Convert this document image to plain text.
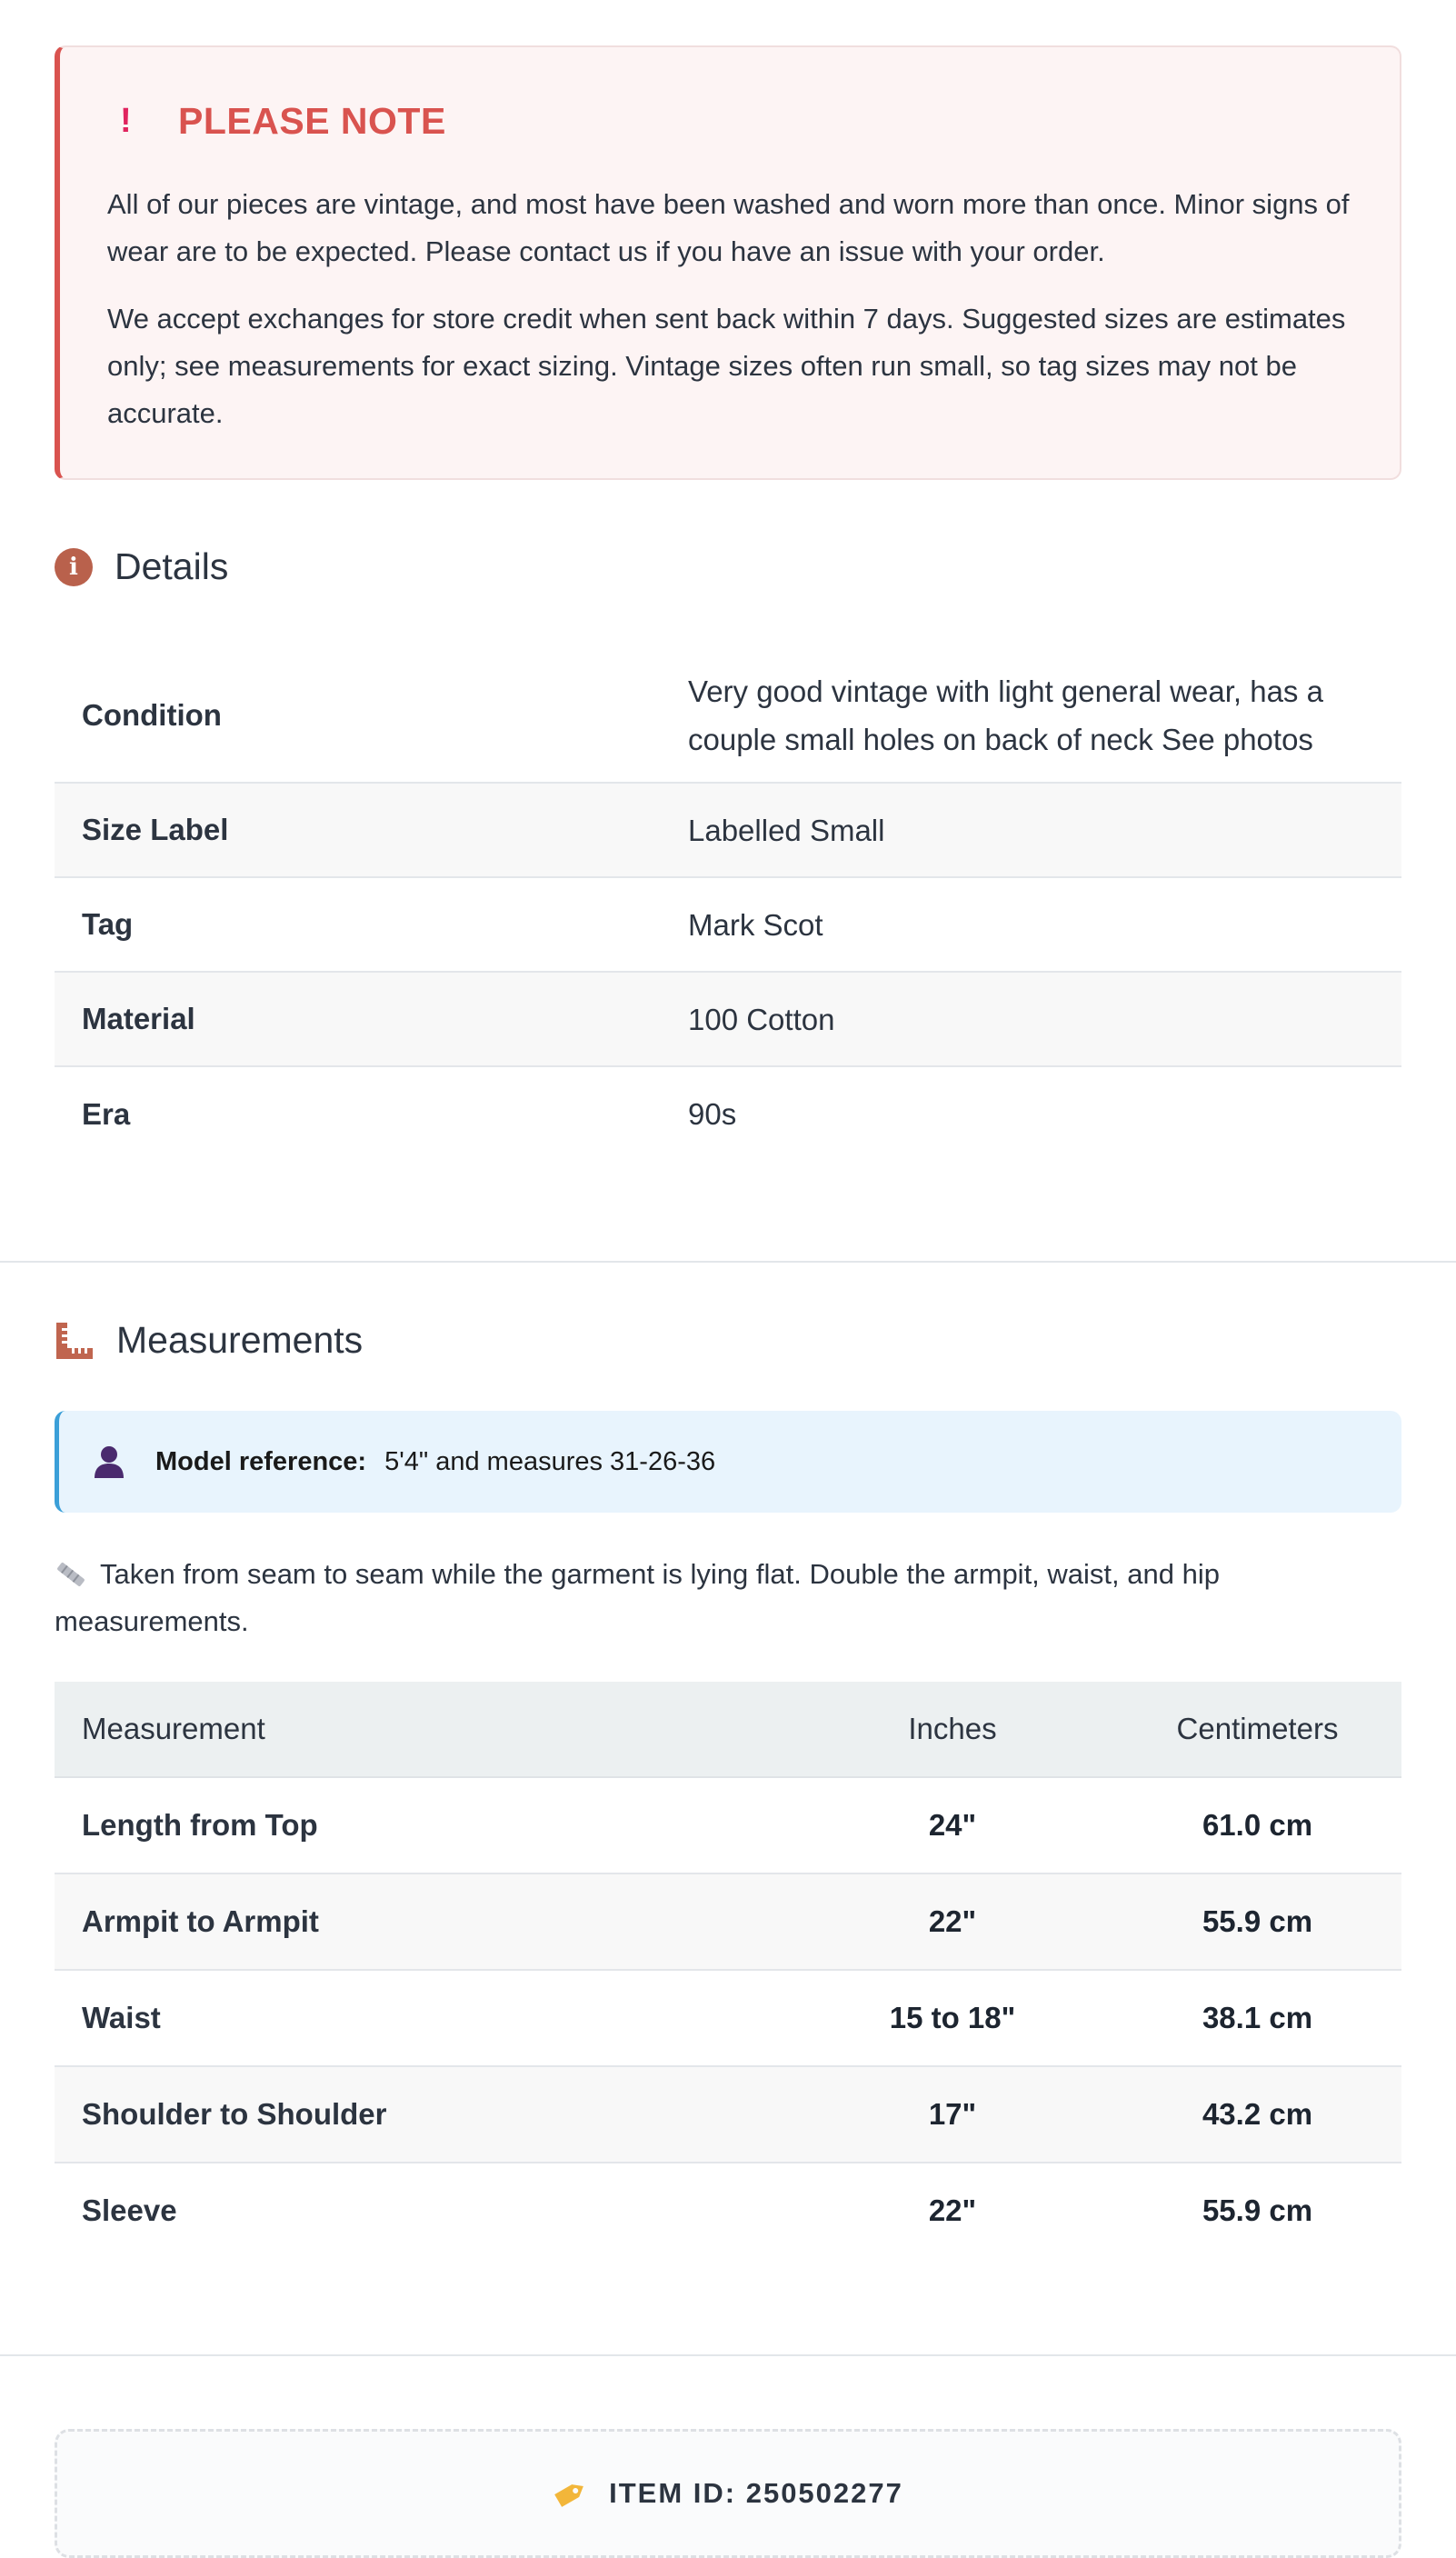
!	PLEASE NOTE

All of our pieces are vintage, and most have been washed and worn more than once. Minor signs of wear are to be expected. Please contact us if you have an issue with your order.

We accept exchanges for store credit when sent back within 7 days. Suggested sizes are estimates only; see measurements for exact sizing. Vintage sizes often run small, so tag sizes may not be accurate.

i Details
Condition	Very good vintage with light general wear, has a couple small holes on back of neck See photos
Size Label	Labelled Small
Tag	Mark Scot
Material	100 Cotton
Era	90s
Measurements
Model reference: 5'4" and measures 31-26-36
Taken from seam to seam while the garment is lying flat. Double the armpit, waist, and hip measurements.
Measurement	Inches	Centimeters
Length from Top	24"	61.0 cm
Armpit to Armpit	22"	55.9 cm
Waist	15 to 18"	38.1 cm
Shoulder to Shoulder	17"	43.2 cm
Sleeve	22"	55.9 cm
ITEM ID: 250502277
